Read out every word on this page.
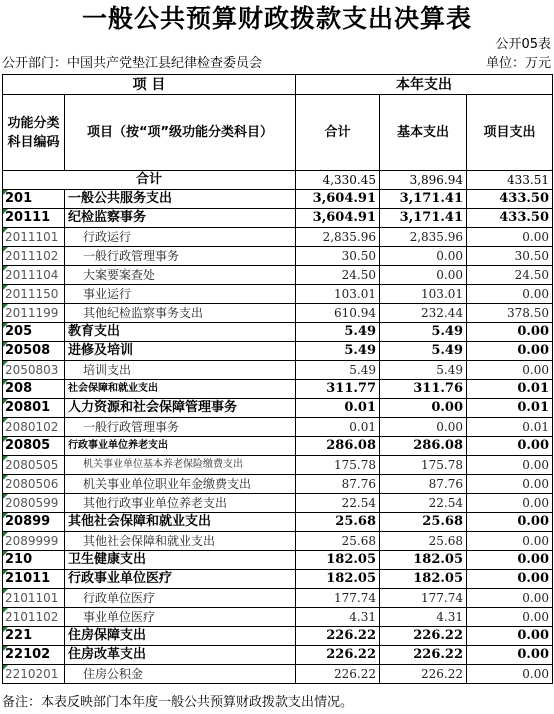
一般公共预算财政拨款支出决算表
公开05表
公开部门：中国共产党垫江县纪律检查委员会	单位：万元
项 目		本年支出		
功能分类科目编码	项目（按“项”级功能分类科目）	合计	基本支出	项目支出
合计		4,330.45	3,896.94	433.51
201	一般公共服务支出	3,604.91	3,171.41	433.50
20111	纪检监察事务	3,604.91	3,171.41	433.50
2011101	行政运行	2,835.96	2,835.96	0.00
2011102	一般行政管理事务	30.50	0.00	30.50
2011104	大案要案查处	24.50	0.00	24.50
2011150	事业运行	103.01	103.01	0.00
2011199	其他纪检监察事务支出	610.94	232.44	378.50
205	教育支出	5.49	5.49	0.00
20508	进修及培训	5.49	5.49	0.00
2050803	培训支出	5.49	5.49	0.00
208	社会保障和就业支出	311.77	311.76	0.01
20801	人力资源和社会保障管理事务	0.01	0.00	0.01
2080102	一般行政管理事务	0.01	0.00	0.01
20805	行政事业单位养老支出	286.08	286.08	0.00
2080505	机关事业单位基本养老保险缴费支出	175.78	175.78	0.00
2080506	机关事业单位职业年金缴费支出	87.76	87.76	0.00
2080599	其他行政事业单位养老支出	22.54	22.54	0.00
20899	其他社会保障和就业支出	25.68	25.68	0.00
2089999	其他社会保障和就业支出	25.68	25.68	0.00
210	卫生健康支出	182.05	182.05	0.00
21011	行政事业单位医疗	182.05	182.05	0.00
2101101	行政单位医疗	177.74	177.74	0.00
2101102	事业单位医疗	4.31	4.31	0.00
221	住房保障支出	226.22	226.22	0.00
22102	住房改革支出	226.22	226.22	0.00
2210201	住房公积金	226.22	226.22	0.00
备注：本表反映部门本年度一般公共预算财政拨款支出情况。
